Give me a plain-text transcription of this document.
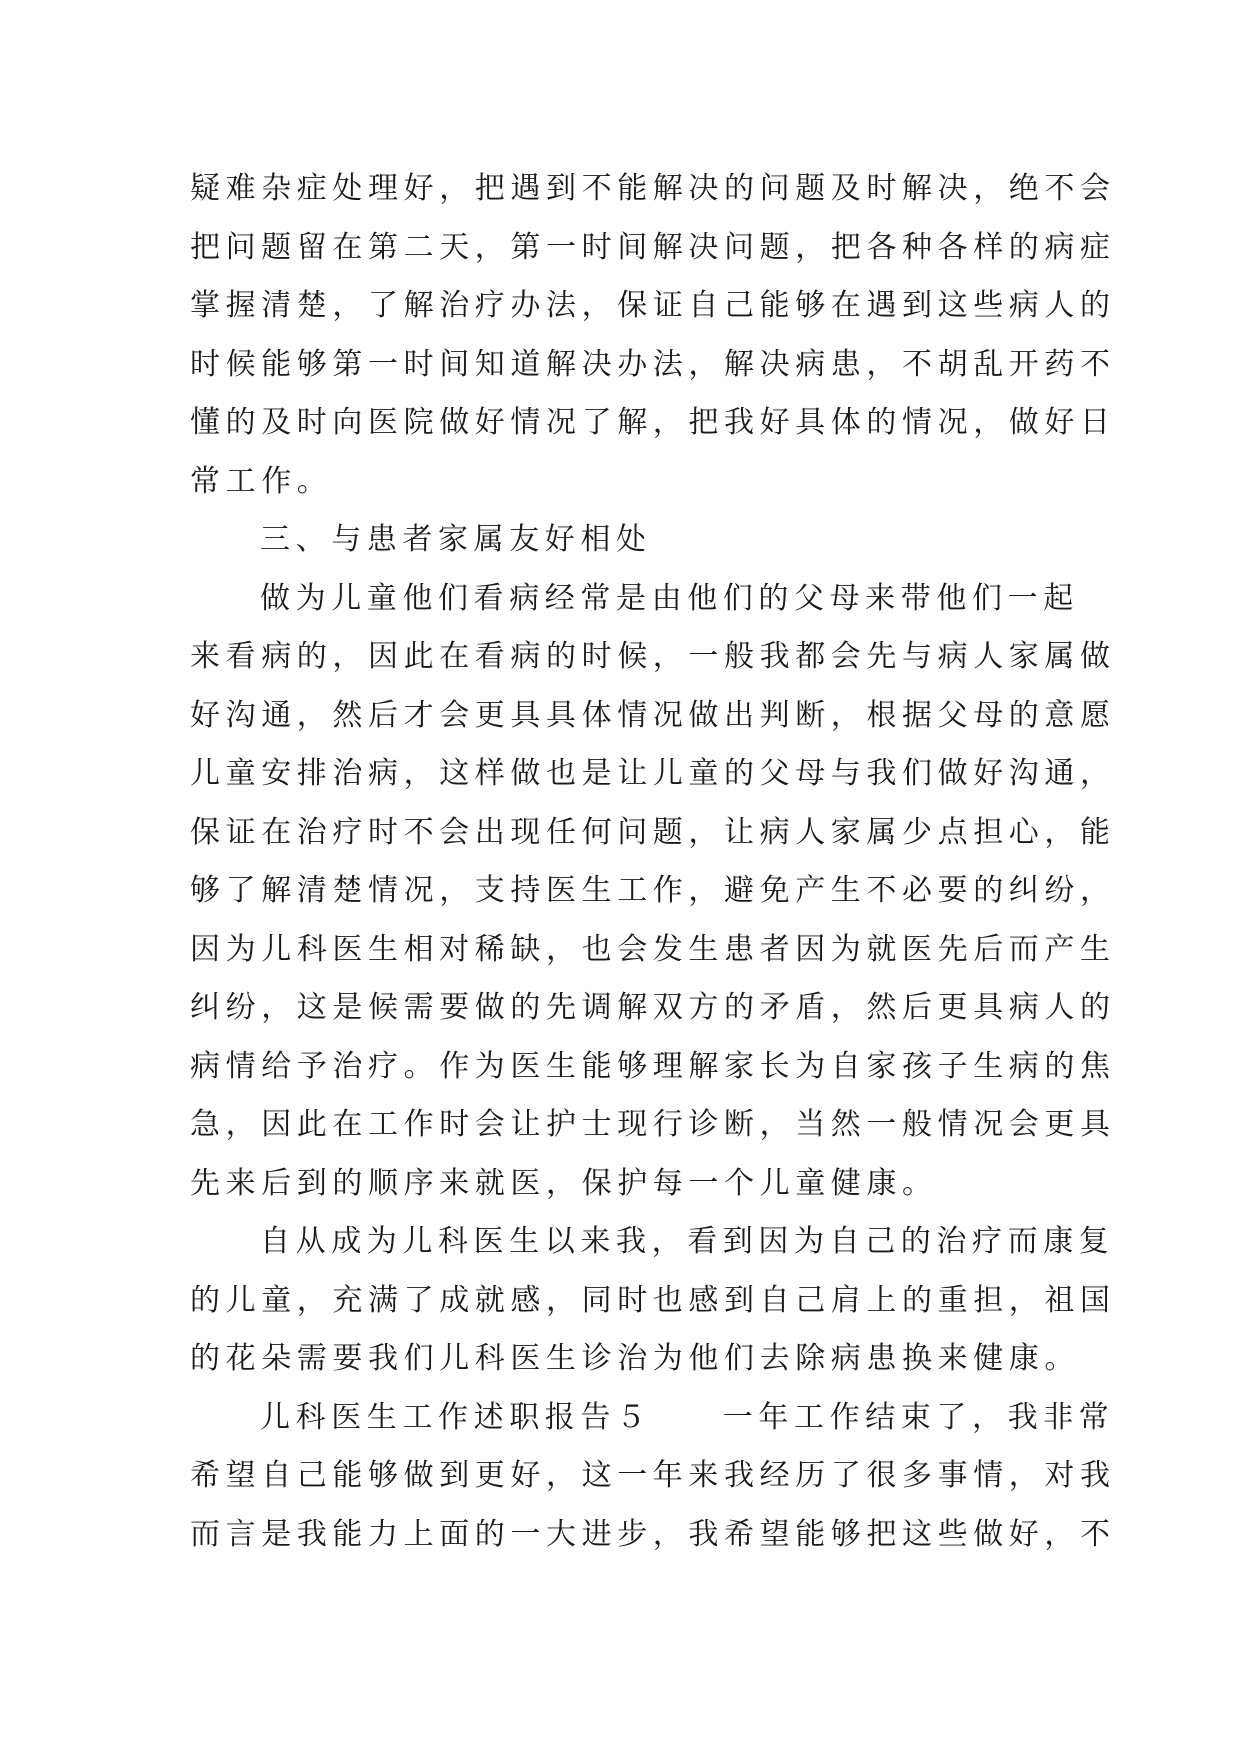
疑难杂症处理好，把遇到不能解决的问题及时解决，绝不会
把问题留在第二天，第一时间解决问题，把各种各样的病症
掌握清楚，了解治疗办法，保证自己能够在遇到这些病人的
时候能够第一时间知道解决办法，解决病患，不胡乱开药不
懂的及时向医院做好情况了解，把我好具体的情况，做好日
常工作。
三、与患者家属友好相处
做为儿童他们看病经常是由他们的父母来带他们一起
来看病的，因此在看病的时候，一般我都会先与病人家属做
好沟通，然后才会更具具体情况做出判断，根据父母的意愿
儿童安排治病，这样做也是让儿童的父母与我们做好沟通，
保证在治疗时不会出现任何问题，让病人家属少点担心，能
够了解清楚情况，支持医生工作，避免产生不必要的纠纷，
因为儿科医生相对稀缺，也会发生患者因为就医先后而产生
纠纷，这是候需要做的先调解双方的矛盾，然后更具病人的
病情给予治疗。作为医生能够理解家长为自家孩子生病的焦
急，因此在工作时会让护士现行诊断，当然一般情况会更具
先来后到的顺序来就医，保护每一个儿童健康。
自从成为儿科医生以来我，看到因为自己的治疗而康复
的儿童，充满了成就感，同时也感到自己肩上的重担，祖国
的花朵需要我们儿科医生诊治为他们去除病患换来健康。
儿科医生工作述职报告５　　一年工作结束了，我非常
希望自己能够做到更好，这一年来我经历了很多事情，对我
而言是我能力上面的一大进步，我希望能够把这些做好，不
